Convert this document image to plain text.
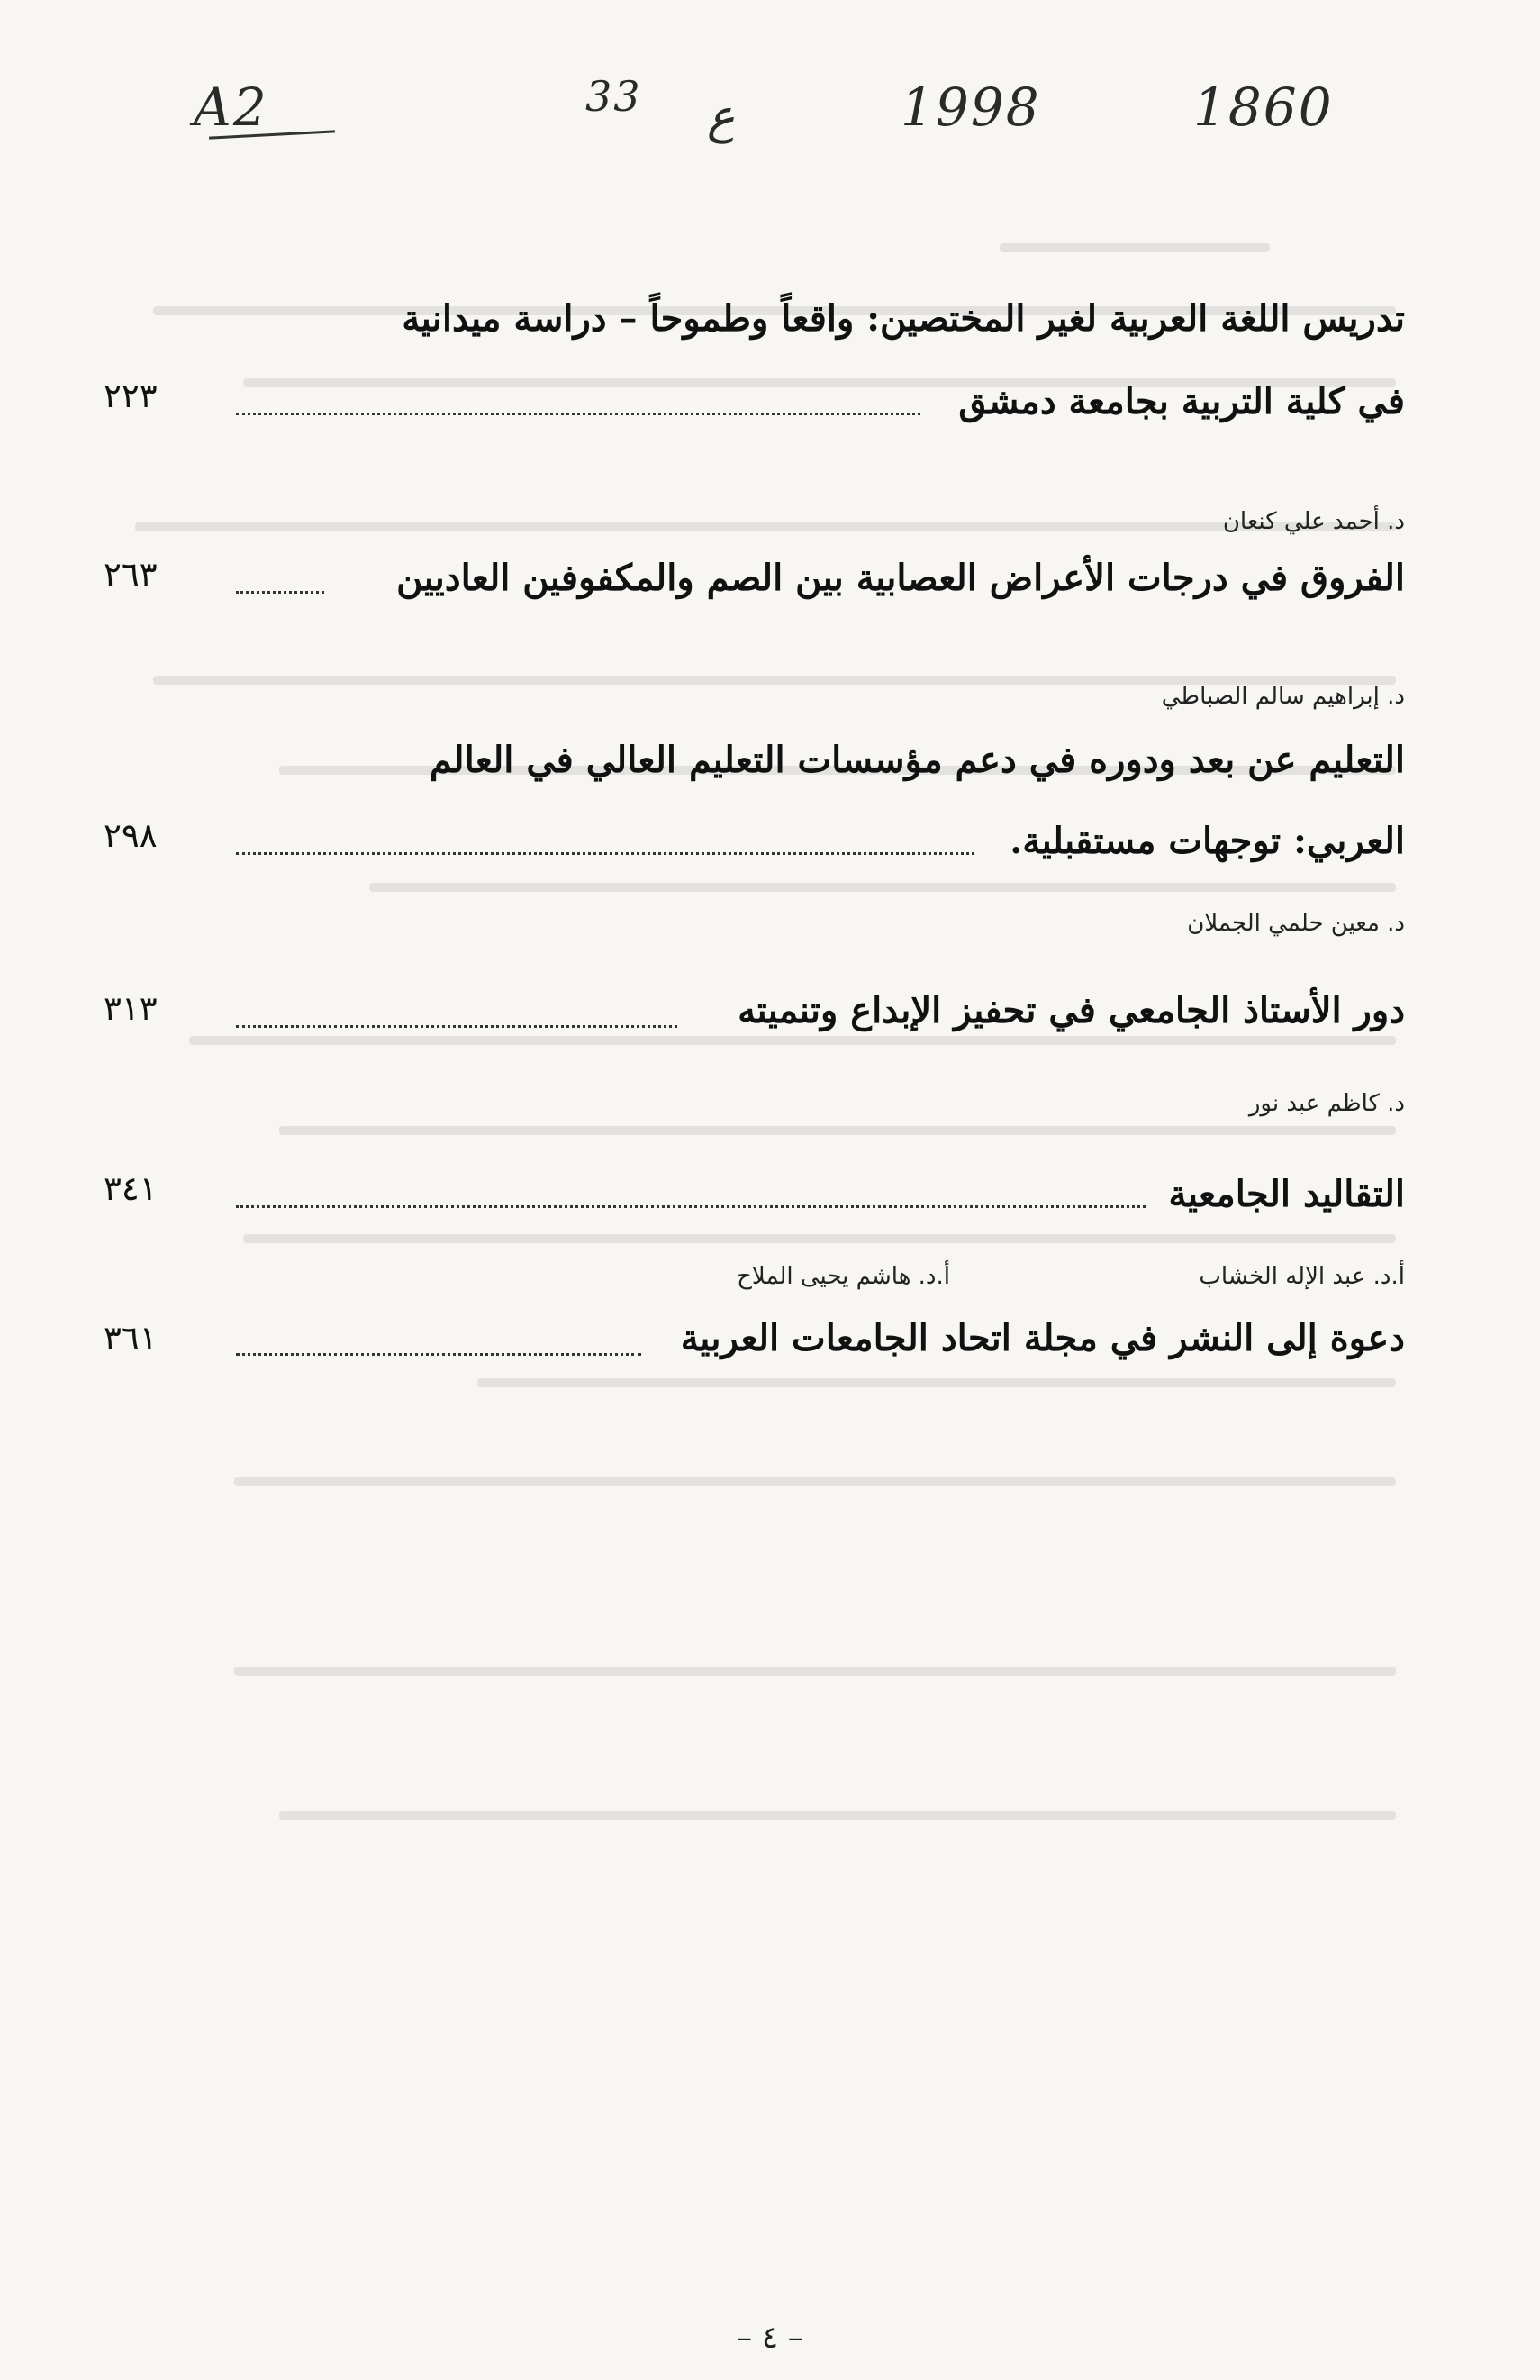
1860
1998
ع
33
A2
تدريس اللغة العربية لغير المختصين: واقعاً وطموحاً – دراسة ميدانية
في كلية التربية بجامعة دمشق
٢٢٣
د. أحمد علي كنعان
الفروق في درجات الأعراض العصابية بين الصم والمكفوفين العاديين
٢٦٣
د. إبراهيم سالم الصباطي
التعليم عن بعد ودوره في دعم مؤسسات التعليم العالي في العالم
العربي: توجهات مستقبلية.
٢٩٨
د. معين حلمي الجملان
دور الأستاذ الجامعي في تحفيز الإبداع وتنميته
٣١٣
د. كاظم عبد نور
التقاليد الجامعية
٣٤١
أ.د. عبد الإله الخشاب
أ.د. هاشم يحيى الملاح
دعوة إلى النشر في مجلة اتحاد الجامعات العربية
٣٦١
– ٤ –
